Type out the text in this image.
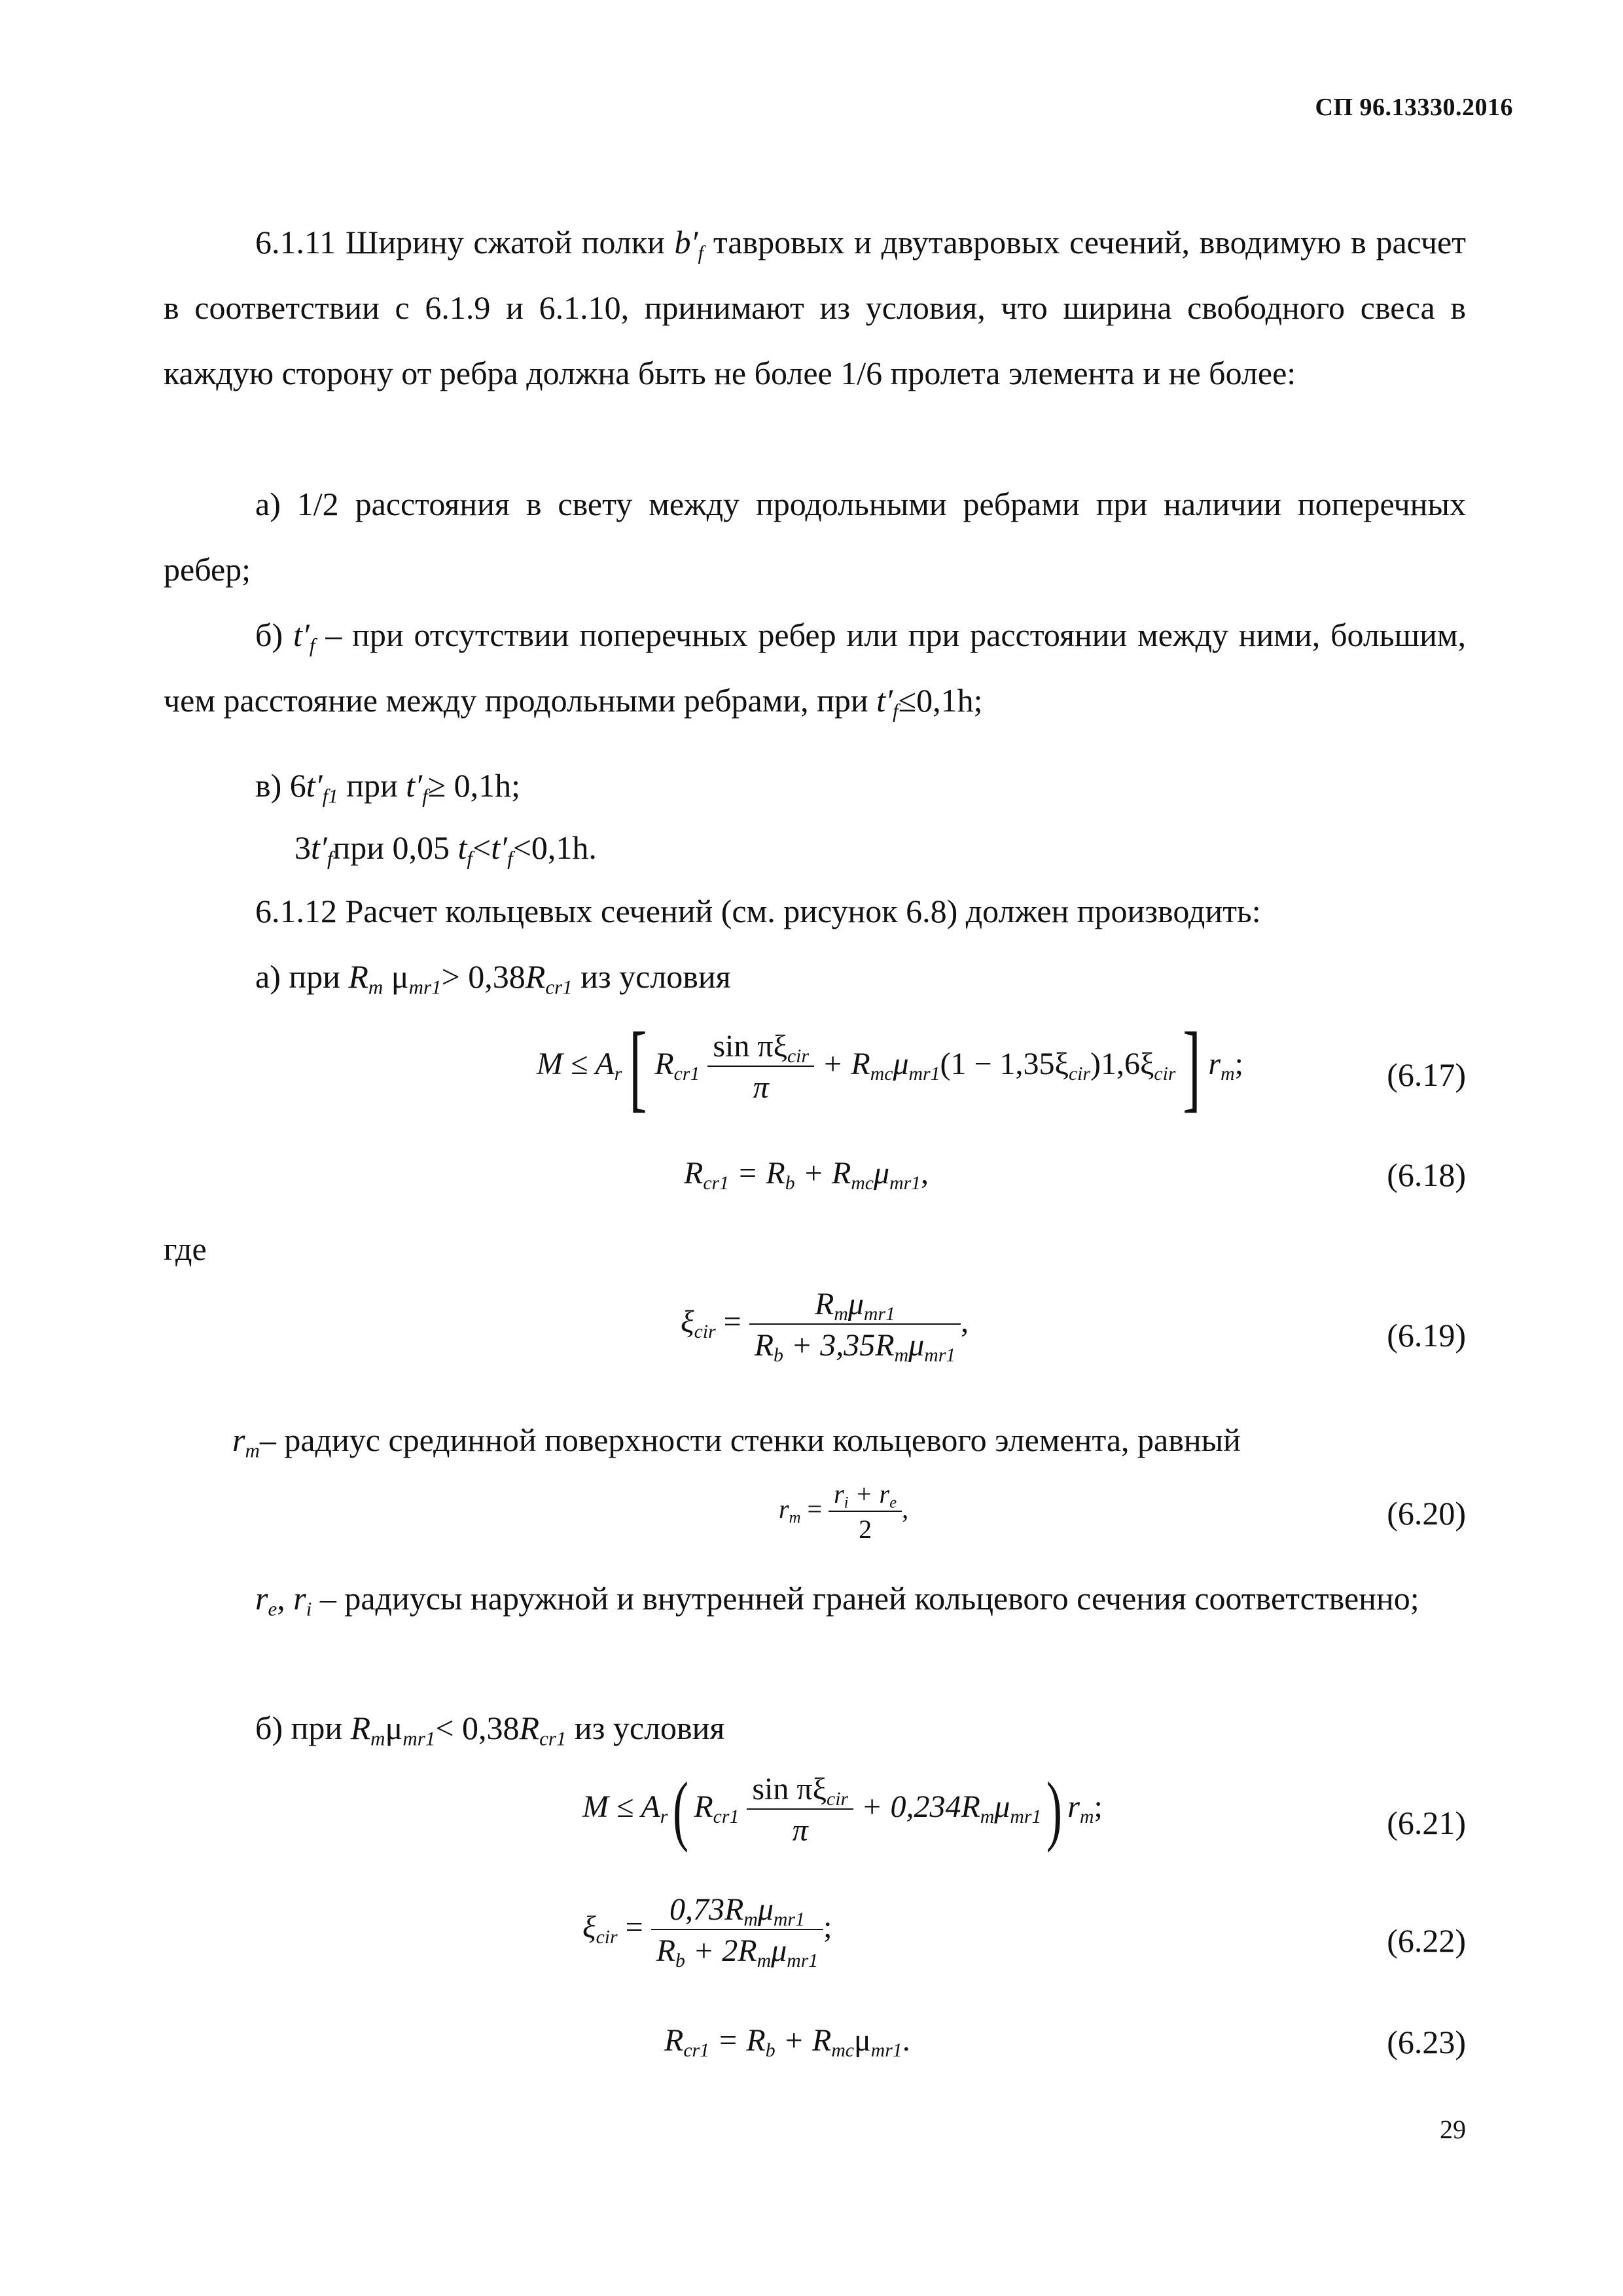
СП 96.13330.2016
6.1.11 Ширину сжатой полки $b'_f$ тавровых и двутавровых сечений, вводимую в расчет в соответствии с 6.1.9 и 6.1.10, принимают из условия, что ширина свободного свеса в каждую сторону от ребра должна быть не более 1/6 пролета элемента и не более:
а) 1/2 расстояния в свету между продольными ребрами при наличии поперечных ребер;
б) $t'_f$ – при отсутствии поперечных ребер или при расстоянии между ними, большим, чем расстояние между продольными ребрами, при $t'_f\le 0,1h$;
в) $6t'_{f1}$ при $t'_f\ge 0,1h$;
$3t'_fпри$ 0,05 $t_f<t'_f<0,1h$.
6.1.12 Расчет кольцевых сечений (см. рисунок 6.8) должен производить:
а) при $R_m$ $\mu_{mr1}> 0,38R_{cr1}$ из условия
$M \le A_r$[ $R_{cr1} \frac{\sin \pi\xi_{cir}}{\pi} + R_{mc}\mu_{mr1}(1 - 1,35\xi_{cir})1,6\xi_{cir}$] $r_m$;	(6.17)
$R_{cr1} = R_b + R_{mc}\mu_{mr1}$,	(6.18)
где
$\xi_{cir} = \frac{R_m\mu_{mr1}}{R_b + 3,35R_m\mu_{mr1}}$ ,	(6.19)
$r_m-$ радиус срединной поверхности стенки кольцевого элемента, равный
$r_m = \frac{r_i + r_e}{2}$ ,	(6.20)
$r_e$, $r_i$ – радиусы наружной и внутренней граней кольцевого сечения соответственно;
б) при $R_m\mu_{mr1}< 0,38R_{cr1}$ из условия
$M \le A_r$( $R_{cr1} \frac{\sin \pi\xi_{cir}}{\pi} + 0,234R_m\mu_{mr1}$) $r_m$;	(6.21)
$\xi_{cir} = \frac{0,73R_m\mu_{mr1}}{R_b + 2R_m\mu_{mr1}}$ ;	(6.22)
$R_{cr1} = R_b + R_{mc}\mu_{mr1}$.	(6.23)
29
